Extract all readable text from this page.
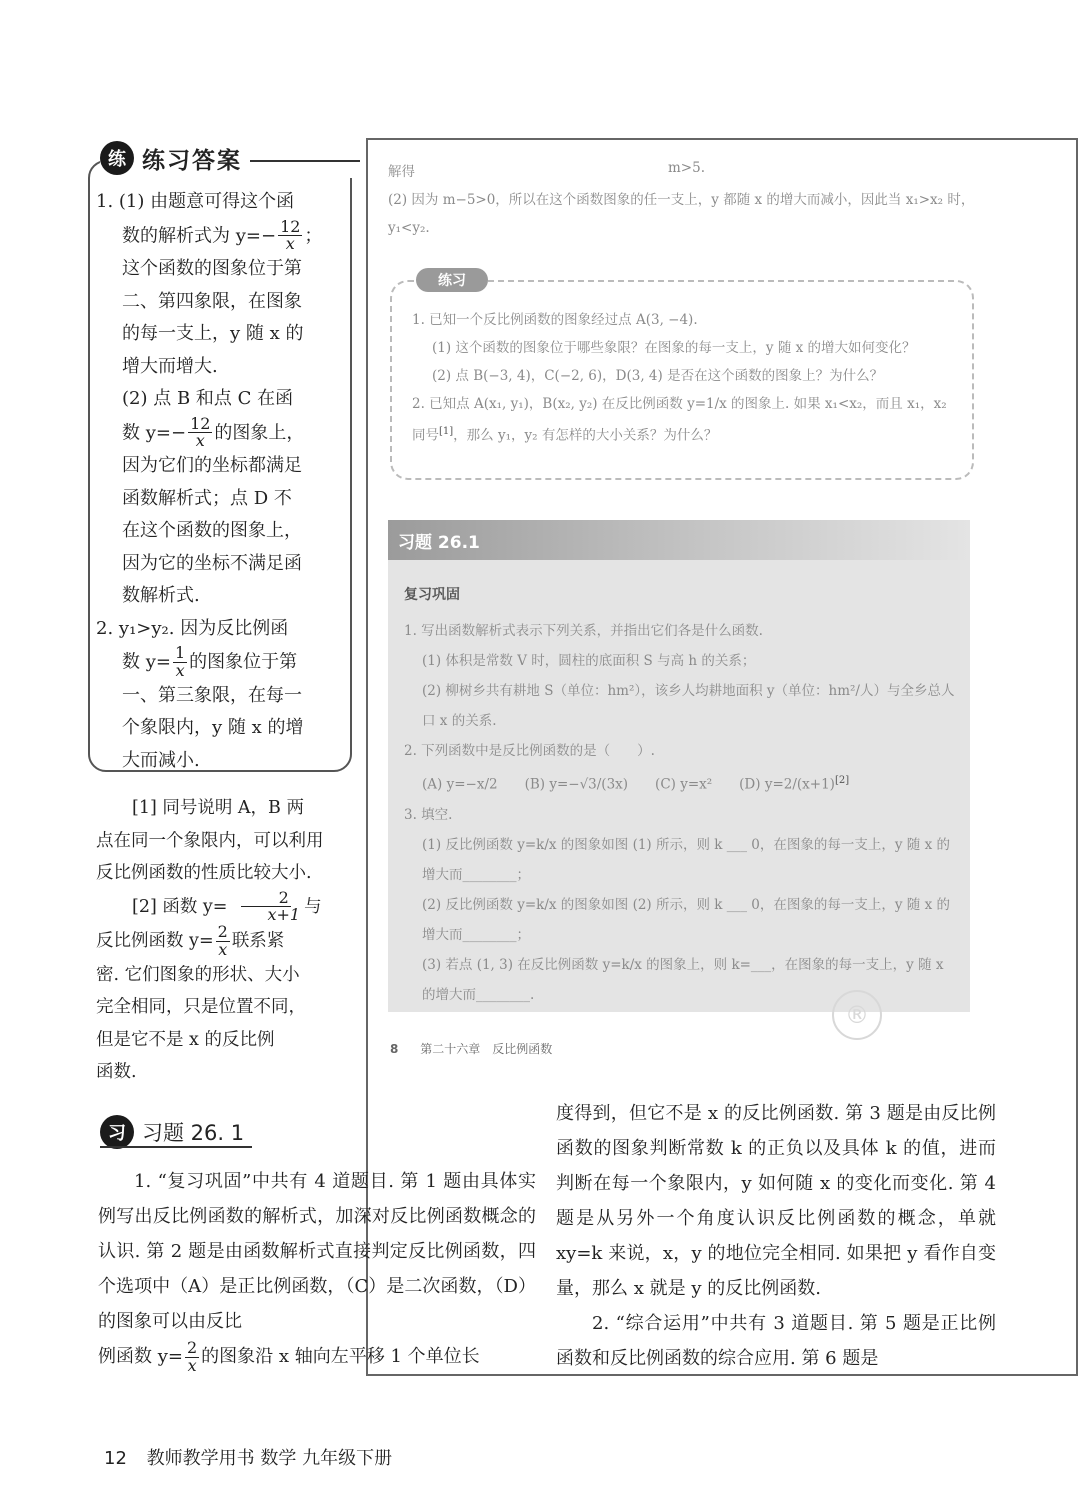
练 练习答案

1. (1) 由题意可得这个函

数的解析式为 $y=- \frac{12}{x}$ ；

这个函数的图象位于第

二、第四象限，在图象

的每一支上，y 随 x 的

增大而增大.

(2) 点 B 和点 C 在函

数 $y=- \frac{12}{x}$ 的图象上，

因为它们的坐标都满足

函数解析式；点 D 不

在这个函数的图象上，

因为它的坐标不满足函

数解析式.

2. y₁>y₂. 因为反比例函

数 $y= \frac{1}{x}$ 的图象位于第

一、第三象限，在每一

个象限内，y 随 x 的增

大而减小.

[1] 同号说明 A，B 两

点在同一个象限内，可以利用

反比例函数的性质比较大小.

[2] 函数 $y= \frac{2}{x+1}$ 与

反比例函数 $y= \frac{2}{x}$ 联系紧

密. 它们图象的形状、大小

完全相同，只是位置不同，

但是它不是 x 的反比例

函数.

解得	m>5.
(2) 因为 m−5>0，所以在这个函数图象的任一支上，y 都随 x 的增大而减小，因此当 x₁>x₂ 时，y₁<y₂.
练习

1. 已知一个反比例函数的图象经过点 A(3, −4).

(1) 这个函数的图象位于哪些象限？在图象的每一支上，y 随 x 的增大如何变化？

(2) 点 B(−3, 4)，C(−2, 6)，D(3, 4) 是否在这个函数的图象上？为什么？

2. 已知点 A(x₁, y₁)，B(x₂, y₂) 在反比例函数 y=1/x 的图象上. 如果 x₁<x₂，而且 x₁，x₂ 同号[1]，那么 y₁，y₂ 有怎样的大小关系？为什么？

习题 26.1
复习巩固

1. 写出函数解析式表示下列关系，并指出它们各是什么函数.

(1) 体积是常数 V 时，圆柱的底面积 S 与高 h 的关系；

(2) 柳树乡共有耕地 S（单位：hm²），该乡人均耕地面积 y（单位：hm²/人）与全乡总人口 x 的关系.

2. 下列函数中是反比例函数的是（　　）.

(A) y=−x/2　　(B) y=−√3/(3x)　　(C) y=x²　　(D) y=2/(x+1)[2]

3. 填空.

(1) 反比例函数 y=k/x 的图象如图 (1) 所示，则 k ___ 0，在图象的每一支上，y 随 x 的增大而________；

(2) 反比例函数 y=k/x 的图象如图 (2) 所示，则 k ___ 0，在图象的每一支上，y 随 x 的增大而________；

(3) 若点 (1, 3) 在反比例函数 y=k/x 的图象上，则 k=___，在图象的每一支上，y 随 x 的增大而________.

®
8 第二十六章　反比例函数
习 习题 26. 1

1. “复习巩固”中共有 4 道题目. 第 1 题由具体实例写出反比例函数的解析式，加深对反比例函数概念的认识. 第 2 题是由函数解析式直接判定反比例函数，四个选项中（A）是正比例函数，（C）是二次函数，（D）的图象可以由反比

例函数 $y= \frac{2}{x}$ 的图象沿 x 轴向左平移 1 个单位长

度得到，但它不是 x 的反比例函数. 第 3 题是由反比例函数的图象判断常数 k 的正负以及具体 k 的值，进而判断在每一个象限内，y 如何随 x 的变化而变化. 第 4 题是从另外一个角度认识反比例函数的概念，单就 xy=k 来说，x，y 的地位完全相同. 如果把 y 看作自变量，那么 x 就是 y 的反比例函数.

2. “综合运用”中共有 3 道题目. 第 5 题是正比例函数和反比例函数的综合应用. 第 6 题是

12 教师教学用书 数学 九年级下册
